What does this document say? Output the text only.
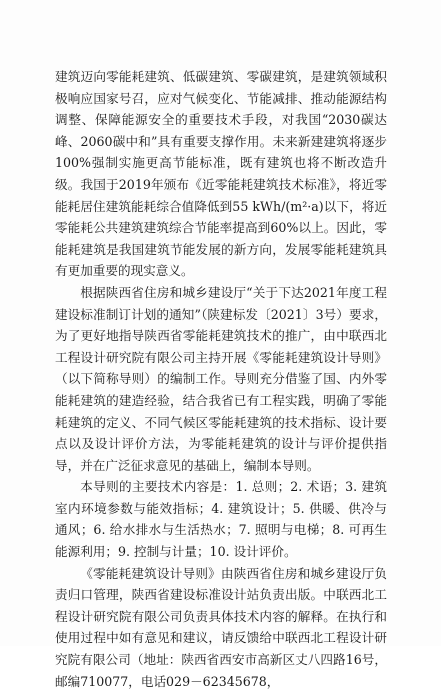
建筑迈向零能耗建筑、低碳建筑、零碳建筑，是建筑领域积极响应国家号召，应对气候变化、节能减排、推动能源结构调整、保障能源安全的重要技术手段，对我国“2030碳达峰、2060碳中和”具有重要支撑作用。未来新建建筑将逐步100%强制实施更高节能标准，既有建筑也将不断改造升级。我国于2019年颁布《近零能耗建筑技术标准》，将近零能耗居住建筑能耗综合值降低到55 kWh/(m²·a)以下，将近零能耗公共建筑建筑综合节能率提高到60%以上。因此，零能耗建筑是我国建筑节能发展的新方向，发展零能耗建筑具有更加重要的现实意义。

根据陕西省住房和城乡建设厅“关于下达2021年度工程建设标准制订计划的通知”（陕建标发〔2021〕3号）要求，为了更好地指导陕西省零能耗建筑技术的推广，由中联西北工程设计研究院有限公司主持开展《零能耗建筑设计导则》（以下简称导则）的编制工作。导则充分借鉴了国、内外零能耗建筑的建造经验，结合我省已有工程实践，明确了零能耗建筑的定义、不同气候区零能耗建筑的技术指标、设计要点以及设计评价方法，为零能耗建筑的设计与评价提供指导，并在广泛征求意见的基础上，编制本导则。

本导则的主要技术内容是：1. 总则；2. 术语；3. 建筑室内环境参数与能效指标；4. 建筑设计；5. 供暖、供冷与通风；6. 给水排水与生活热水；7. 照明与电梯；8. 可再生能源利用；9. 控制与计量；10. 设计评价。

《零能耗建筑设计导则》由陕西省住房和城乡建设厅负责归口管理，陕西省建设标准设计站负责出版。中联西北工程设计研究院有限公司负责具体技术内容的解释。在执行和使用过程中如有意见和建议，请反馈给中联西北工程设计研究院有限公司（地址：陕西省西安市高新区丈八四路16号，邮编710077，电话029－62345678，
